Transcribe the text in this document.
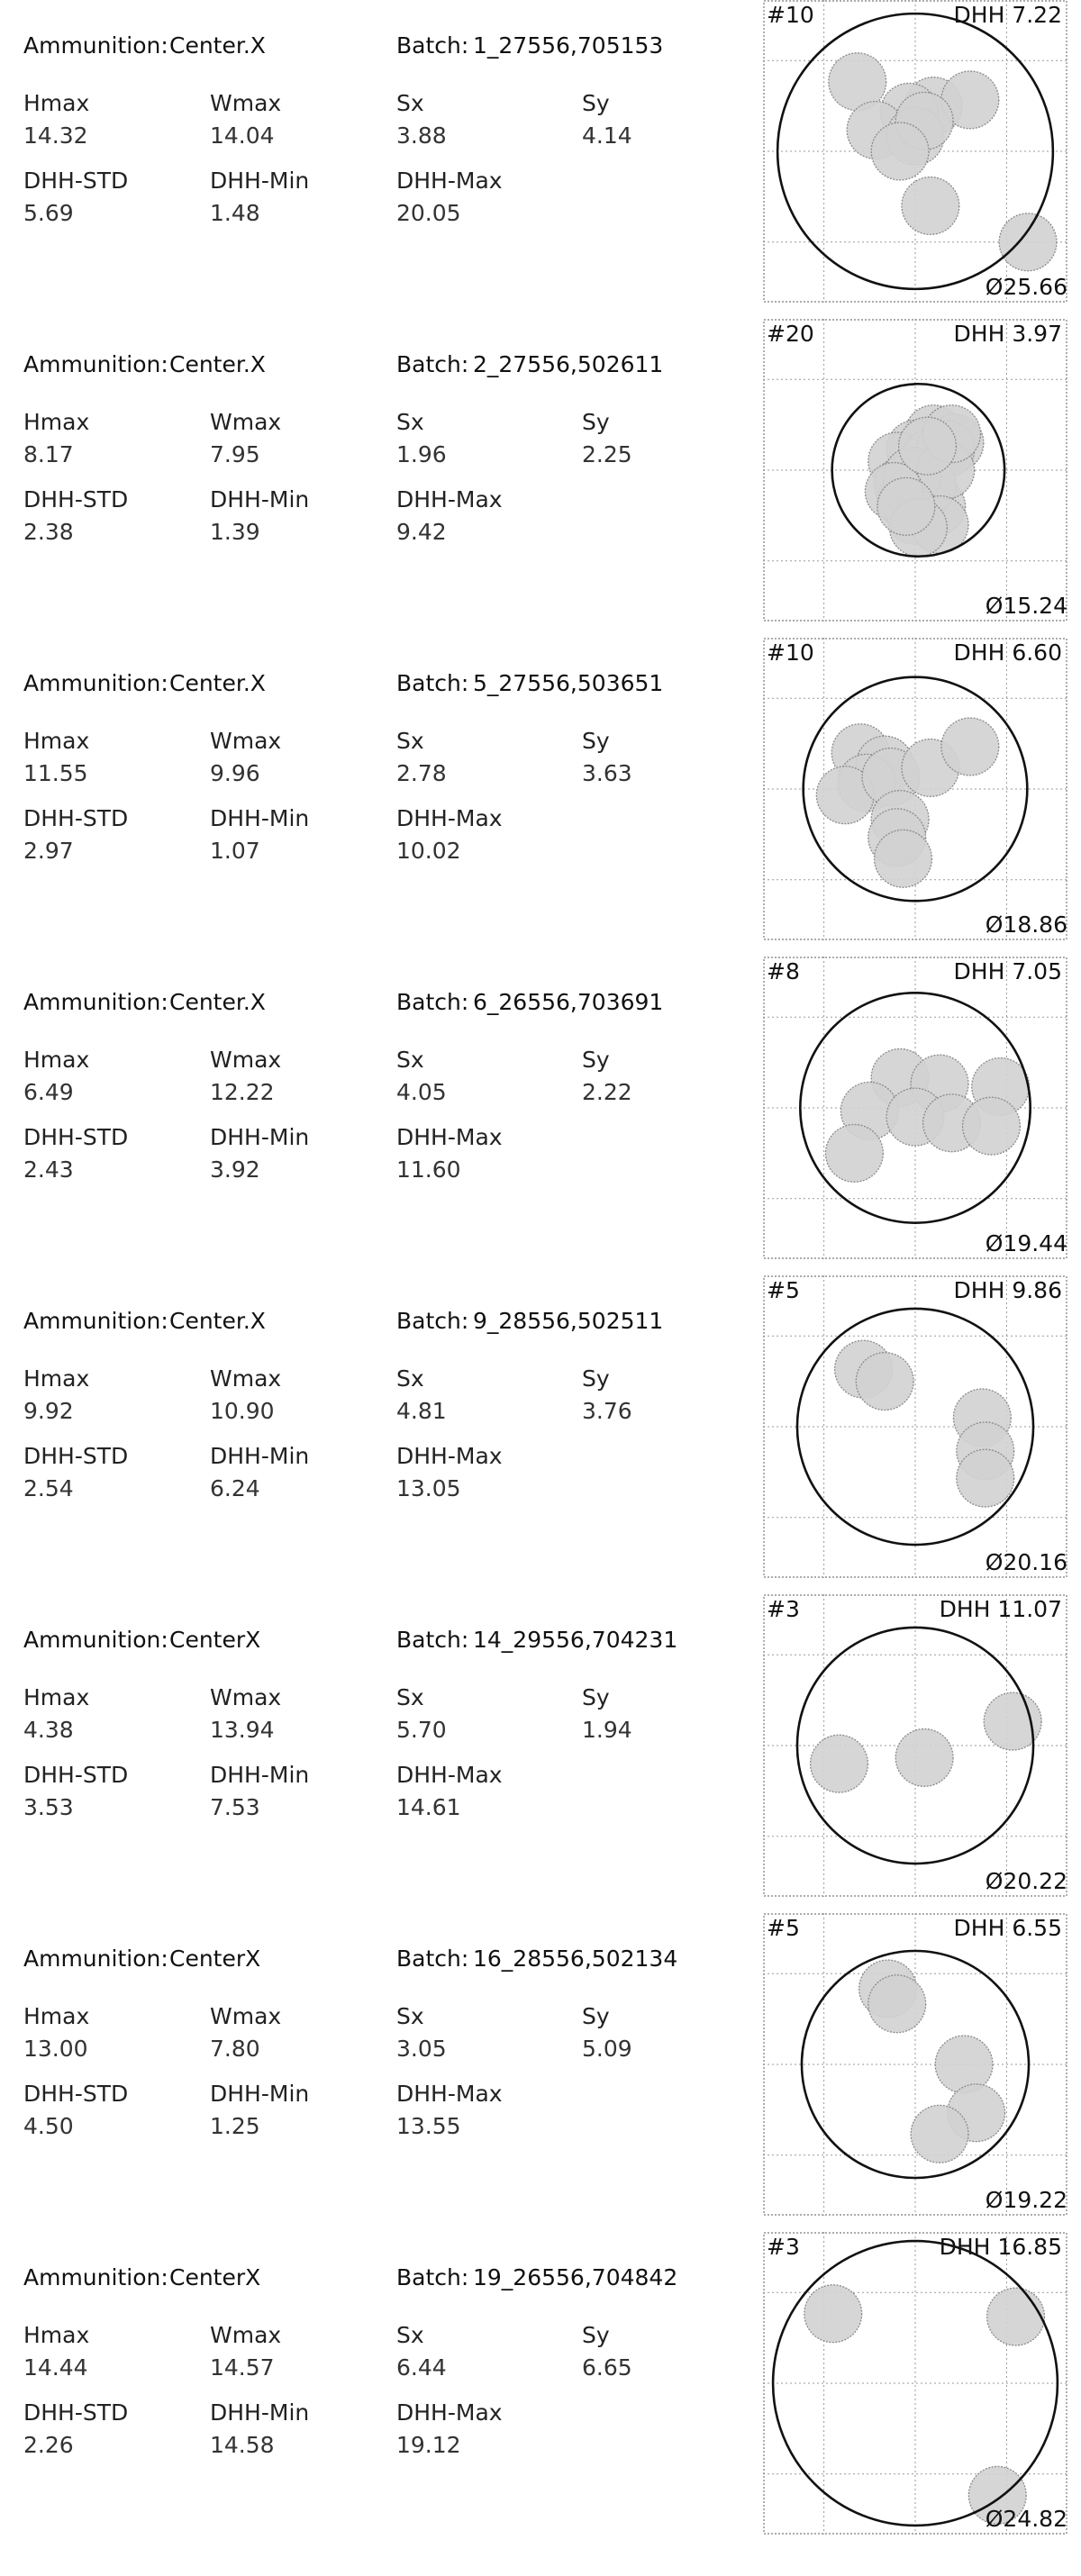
Ammunition: Center.X	Batch: 1_27556,705153
Hmax	Wmax	Sx	Sy
14.32	14.04	3.88	4.14
DHH-STD	DHH-Min	DHH-Max
5.69	1.48	20.05
#10	DHH 7.22
Ø25.66
Ammunition: Center.X	Batch: 2_27556,502611
Hmax	Wmax	Sx	Sy
8.17	7.95	1.96	2.25
DHH-STD	DHH-Min	DHH-Max
2.38	1.39	9.42
#20	DHH 3.97
Ø15.24
Ammunition: Center.X	Batch: 5_27556,503651
Hmax	Wmax	Sx	Sy
11.55	9.96	2.78	3.63
DHH-STD	DHH-Min	DHH-Max
2.97	1.07	10.02
#10	DHH 6.60
Ø18.86
Ammunition: Center.X	Batch: 6_26556,703691
Hmax	Wmax	Sx	Sy
6.49	12.22	4.05	2.22
DHH-STD	DHH-Min	DHH-Max
2.43	3.92	11.60
#8	DHH 7.05
Ø19.44
Ammunition: Center.X	Batch: 9_28556,502511
Hmax	Wmax	Sx	Sy
9.92	10.90	4.81	3.76
DHH-STD	DHH-Min	DHH-Max
2.54	6.24	13.05
#5	DHH 9.86
Ø20.16
Ammunition: CenterX	Batch: 14_29556,704231
Hmax	Wmax	Sx	Sy
4.38	13.94	5.70	1.94
DHH-STD	DHH-Min	DHH-Max
3.53	7.53	14.61
#3	DHH 11.07
Ø20.22
Ammunition: CenterX	Batch: 16_28556,502134
Hmax	Wmax	Sx	Sy
13.00	7.80	3.05	5.09
DHH-STD	DHH-Min	DHH-Max
4.50	1.25	13.55
#5	DHH 6.55
Ø19.22
Ammunition: CenterX	Batch: 19_26556,704842
Hmax	Wmax	Sx	Sy
14.44	14.57	6.44	6.65
DHH-STD	DHH-Min	DHH-Max
2.26	14.58	19.12
#3	DHH 16.85
Ø24.82
